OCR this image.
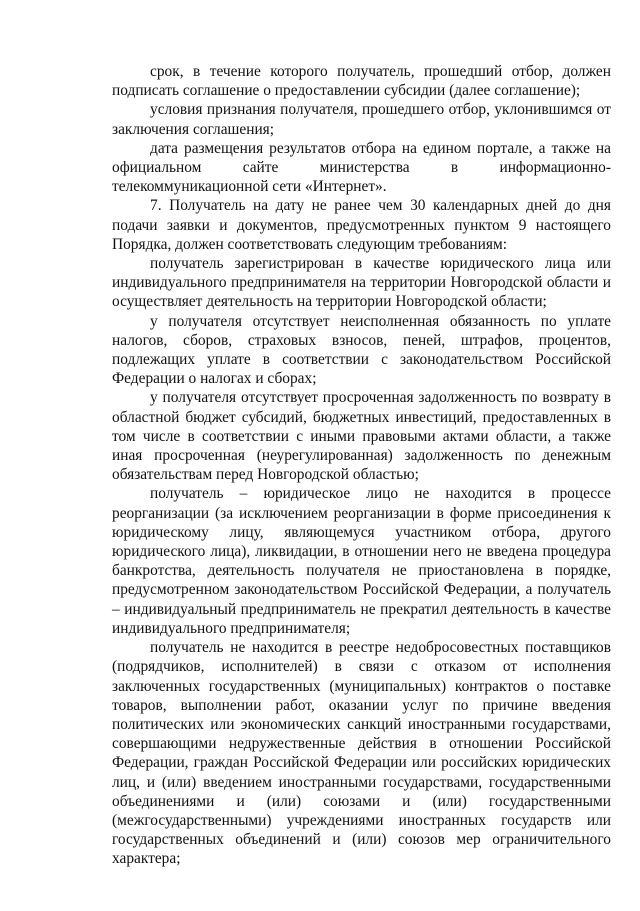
срок, в течение которого получатель, прошедший отбор, должен подписать соглашение о предоставлении субсидии (далее соглашение);

условия признания получателя, прошедшего отбор, уклонившимся от заключения соглашения;

дата размещения результатов отбора на едином портале, а также на официальном сайте министерства в информационно-телекоммуникационной сети «Интернет».

7. Получатель на дату не ранее чем 30 календарных дней до дня подачи заявки и документов, предусмотренных пунктом 9 настоящего Порядка, должен соответствовать следующим требованиям:

получатель зарегистрирован в качестве юридического лица или индивидуального предпринимателя на территории Новгородской области и осуществляет деятельность на территории Новгородской области;

у получателя отсутствует неисполненная обязанность по уплате налогов, сборов, страховых взносов, пеней, штрафов, процентов, подлежащих уплате в соответствии с законодательством Российской Федерации о налогах и сборах;

у получателя отсутствует просроченная задолженность по возврату в областной бюджет субсидий, бюджетных инвестиций, предоставленных в том числе в соответствии с иными правовыми актами области, а также иная просроченная (неурегулированная) задолженность по денежным обязательствам перед Новгородской областью;

получатель – юридическое лицо не находится в процессе реорганизации (за исключением реорганизации в форме присоединения к юридическому лицу, являющемуся участником отбора, другого юридического лица), ликвидации, в отношении него не введена процедура банкротства, деятельность получателя не приостановлена в порядке, предусмотренном законодательством Российской Федерации, а получатель – индивидуальный предприниматель не прекратил деятельность в качестве индивидуального предпринимателя;

получатель не находится в реестре недобросовестных поставщиков (подрядчиков, исполнителей) в связи с отказом от исполнения заключенных государственных (муниципальных) контрактов о поставке товаров, выполнении работ, оказании услуг по причине введения политических или экономических санкций иностранными государствами, совершающими недружественные действия в отношении Российской Федерации, граждан Российской Федерации или российских юридических лиц, и (или) введением иностранными государствами, государственными объединениями и (или) союзами и (или) государственными (межгосударственными) учреждениями иностранных государств или государственных объединений и (или) союзов мер ограничительного характера;
